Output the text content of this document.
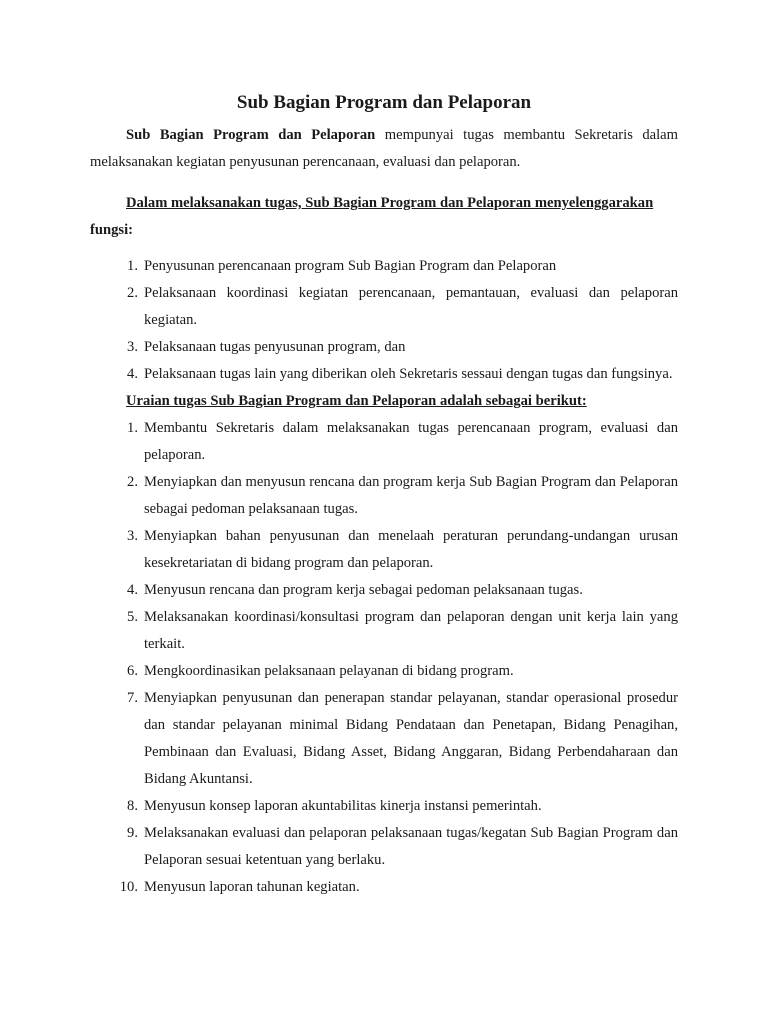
Sub Bagian Program dan Pelaporan

Sub Bagian Program dan Pelaporan mempunyai tugas membantu Sekretaris dalam melaksanakan kegiatan penyusunan perencanaan, evaluasi dan pelaporan.

Dalam melaksanakan tugas, Sub Bagian Program dan Pelaporan menyelenggarakan
fungsi:

1. Penyusunan perencanaan program Sub Bagian Program dan Pelaporan
2. Pelaksanaan koordinasi kegiatan perencanaan, pemantauan, evaluasi dan pelaporan kegiatan.
3. Pelaksanaan tugas penyusunan program, dan
4. Pelaksanaan tugas lain yang diberikan oleh Sekretaris sessaui dengan tugas dan fungsinya.

Uraian tugas Sub Bagian Program dan Pelaporan adalah sebagai berikut:

1. Membantu Sekretaris dalam melaksanakan tugas perencanaan program, evaluasi dan pelaporan.
2. Menyiapkan dan menyusun rencana dan program kerja Sub Bagian Program dan Pelaporan sebagai pedoman pelaksanaan tugas.
3. Menyiapkan bahan penyusunan dan menelaah peraturan perundang-undangan urusan kesekretariatan di bidang program dan pelaporan.
4. Menyusun rencana dan program kerja sebagai pedoman pelaksanaan tugas.
5. Melaksanakan koordinasi/konsultasi program dan pelaporan dengan unit kerja lain yang terkait.
6. Mengkoordinasikan pelaksanaan pelayanan di bidang program.
7. Menyiapkan penyusunan dan penerapan standar pelayanan, standar operasional prosedur dan standar pelayanan minimal Bidang Pendataan dan Penetapan, Bidang Penagihan, Pembinaan dan Evaluasi, Bidang Asset, Bidang Anggaran, Bidang Perbendaharaan dan Bidang Akuntansi.
8. Menyusun konsep laporan akuntabilitas kinerja instansi pemerintah.
9. Melaksanakan evaluasi dan pelaporan pelaksanaan tugas/kegatan Sub Bagian Program dan Pelaporan sesuai ketentuan yang berlaku.
10. Menyusun laporan tahunan kegiatan.
